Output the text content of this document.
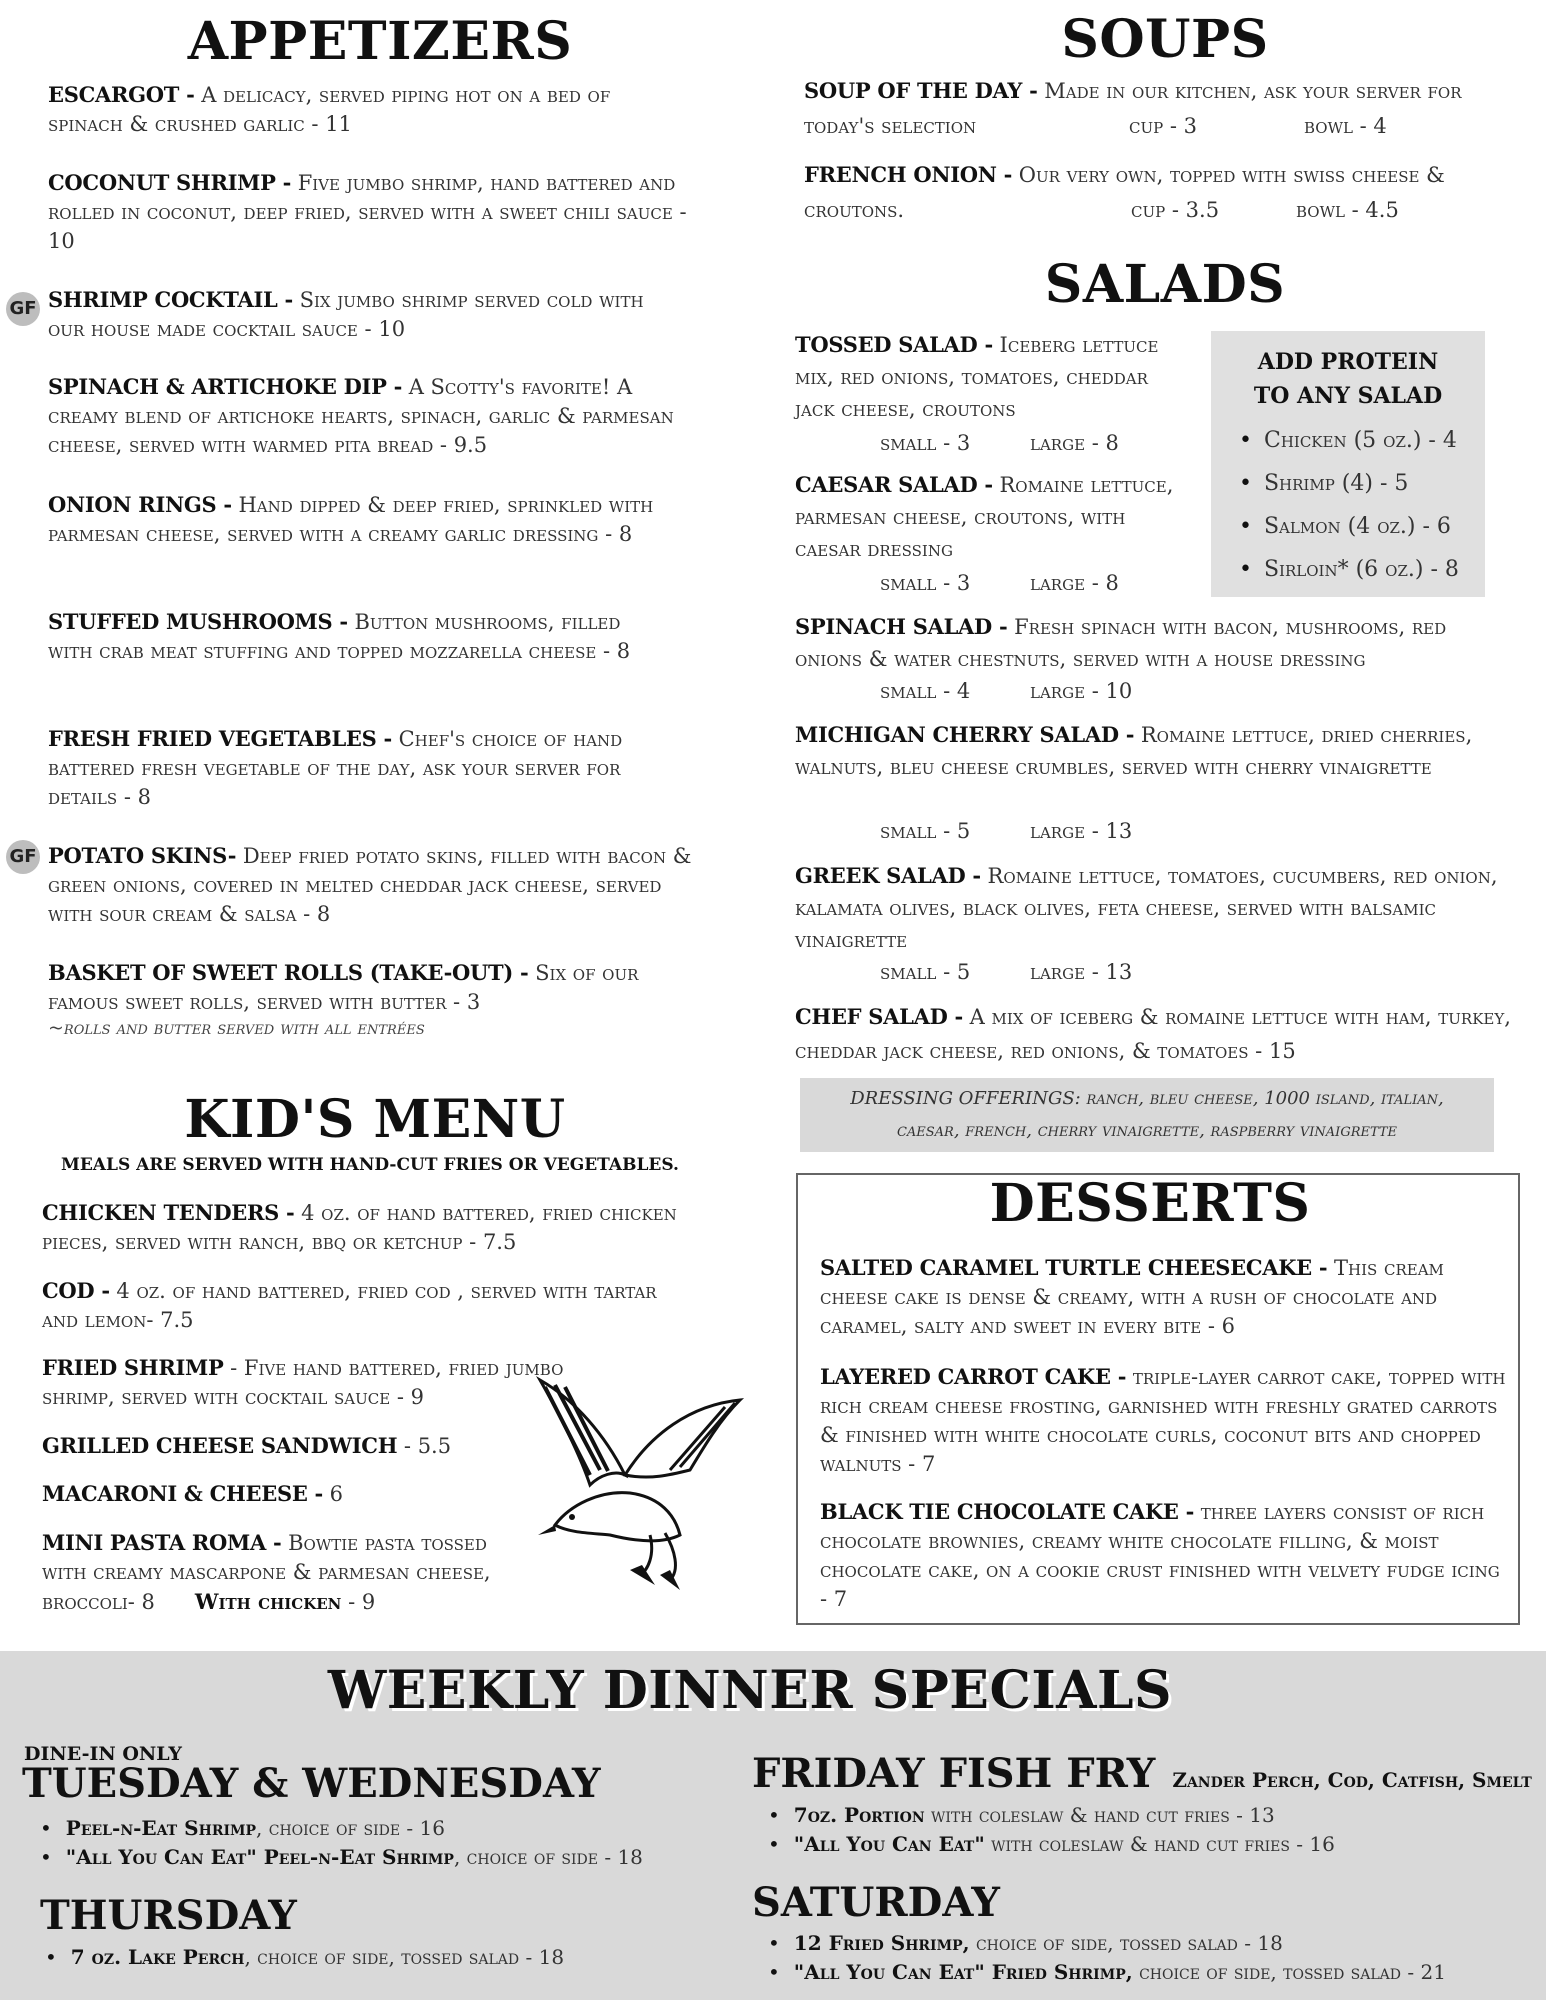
APPETIZERS
ESCARGOT - A delicacy, served piping hot on a bed of spinach & crushed garlic - 11
COCONUT SHRIMP - Five jumbo shrimp, hand battered and rolled in coconut, deep fried, served with a sweet chili sauce - 10
GF SHRIMP COCKTAIL - Six jumbo shrimp served cold with our house made cocktail sauce - 10
SPINACH & ARTICHOKE DIP - A Scotty's favorite! A creamy blend of artichoke hearts, spinach, garlic & parmesan cheese, served with warmed pita bread - 9.5
ONION RINGS - Hand dipped & deep fried, sprinkled with parmesan cheese, served with a creamy garlic dressing - 8
STUFFED MUSHROOMS - Button mushrooms, filled with crab meat stuffing and topped mozzarella cheese - 8
FRESH FRIED VEGETABLES - Chef's choice of hand battered fresh vegetable of the day, ask your server for details - 8
GF POTATO SKINS- Deep fried potato skins, filled with bacon & green onions, covered in melted cheddar jack cheese, served with sour cream & salsa - 8
BASKET OF SWEET ROLLS (TAKE-OUT) - Six of our famous sweet rolls, served with butter - 3
~rolls and butter served with all entrées
KID'S MENU
MEALS ARE SERVED WITH HAND-CUT FRIES OR VEGETABLES.
CHICKEN TENDERS - 4 oz. of hand battered, fried chicken pieces, served with ranch, bbq or ketchup - 7.5
COD - 4 oz. of hand battered, fried cod , served with tartar and lemon- 7.5
FRIED SHRIMP - Five hand battered, fried jumbo shrimp, served with cocktail sauce - 9
GRILLED CHEESE SANDWICH - 5.5
MACARONI & CHEESE - 6
MINI PASTA ROMA - Bowtie pasta tossed with creamy mascarpone & parmesan cheese, broccoli- 8 With chicken - 9
SOUPS
SOUP OF THE DAY - Made in our kitchen, ask your server for
today's selection	cup - 3	bowl - 4
FRENCH ONION - Our very own, topped with swiss cheese &
croutons.	cup - 3.5	bowl - 4.5
SALADS
TOSSED SALAD - Iceberg lettuce mix, red onions, tomatoes, cheddar jack cheese, croutons
small - 3	large - 8
CAESAR SALAD - Romaine lettuce, parmesan cheese, croutons, with caesar dressing
small - 3	large - 8
SPINACH SALAD - Fresh spinach with bacon, mushrooms, red onions & water chestnuts, served with a house dressing
small - 4	large - 10
MICHIGAN CHERRY SALAD - Romaine lettuce, dried cherries, walnuts, bleu cheese crumbles, served with cherry vinaigrette
small - 5	large - 13
GREEK SALAD - Romaine lettuce, tomatoes, cucumbers, red onion, kalamata olives, black olives, feta cheese, served with balsamic vinaigrette
small - 5	large - 13
CHEF SALAD - A mix of iceberg & romaine lettuce with ham, turkey, cheddar jack cheese, red onions, & tomatoes - 15
ADD PROTEIN
TO ANY SALAD
• Chicken (5 oz.) - 4
• Shrimp (4) - 5
• Salmon (4 oz.) - 6
• Sirloin* (6 oz.) - 8
DRESSING OFFERINGS: ranch, bleu cheese, 1000 island, italian,
caesar, french, cherry vinaigrette, raspberry vinaigrette
DESSERTS
SALTED CARAMEL TURTLE CHEESECAKE - This cream cheese cake is dense & creamy, with a rush of chocolate and caramel, salty and sweet in every bite - 6
LAYERED CARROT CAKE - triple-layer carrot cake, topped with rich cream cheese frosting, garnished with freshly grated carrots & finished with white chocolate curls, coconut bits and chopped walnuts - 7
BLACK TIE CHOCOLATE CAKE - three layers consist of rich chocolate brownies, creamy white chocolate filling, & moist chocolate cake, on a cookie crust finished with velvety fudge icing - 7
WEEKLY DINNER SPECIALS
DINE-IN ONLY
TUESDAY & WEDNESDAY
• Peel-n-Eat Shrimp, choice of side - 16
• "All You Can Eat" Peel-n-Eat Shrimp, choice of side - 18
THURSDAY
• 7 oz. Lake Perch, choice of side, tossed salad - 18
FRIDAY FISH FRY Zander Perch, Cod, Catfish, Smelt
• 7oz. Portion with coleslaw & hand cut fries - 13
• "All You Can Eat" with coleslaw & hand cut fries - 16
SATURDAY
• 12 Fried Shrimp, choice of side, tossed salad - 18
• "All You Can Eat" Fried Shrimp, choice of side, tossed salad - 21
